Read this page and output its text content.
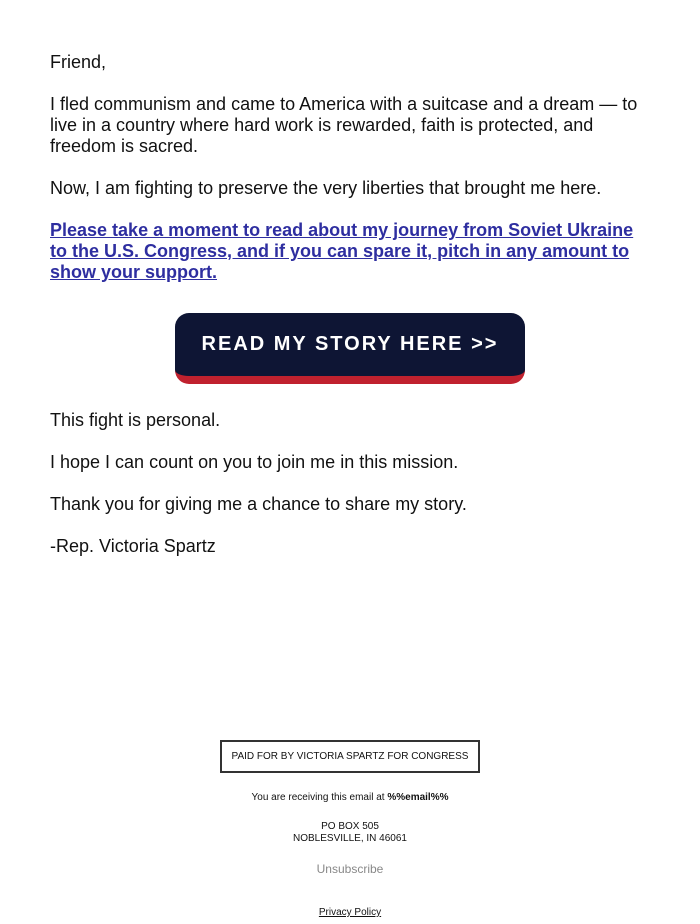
Friend,

I fled communism and came to America with a suitcase and a dream — to live in a country where hard work is rewarded, faith is protected, and freedom is sacred.

Now, I am fighting to preserve the very liberties that brought me here.

Please take a moment to read about my journey from Soviet Ukraine to the U.S. Congress, and if you can spare it, pitch in any amount to show your support.

READ MY STORY HERE >>

This fight is personal.

I hope I can count on you to join me in this mission.

Thank you for giving me a chance to share my story.

-Rep. Victoria Spartz

PAID FOR BY VICTORIA SPARTZ FOR CONGRESS
You are receiving this email at %%email%%
PO BOX 505
NOBLESVILLE, IN 46061
Unsubscribe
Privacy Policy
